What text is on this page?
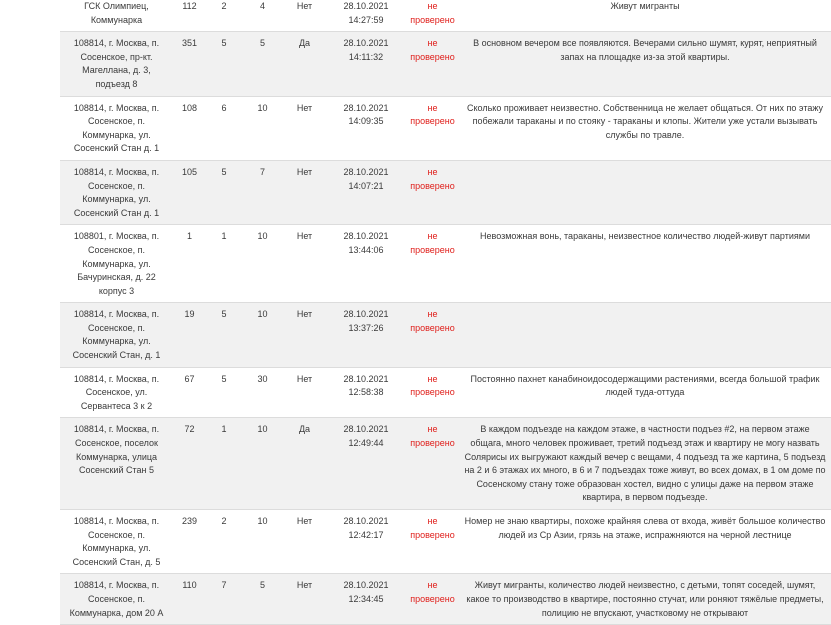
ГСК Олимпиец, Коммунарка	112	2	4	Нет	28.10.2021
14:27:59	не проверено	Живут мигранты
108814, г. Москва, п. Сосенское, пр-кт. Магеллана, д. 3, подъезд 8	351	5	5	Да	28.10.2021
14:11:32	не проверено	В основном вечером все появляются. Вечерами сильно шумят, курят, неприятный запах на площадке из-за этой квартиры.
108814, г. Москва, п. Сосенское, п. Коммунарка, ул. Сосенский Стан д. 1	108	6	10	Нет	28.10.2021
14:09:35	не проверено	Сколько проживает неизвестно. Собственница не желает общаться. От них по этажу побежали тараканы и по стояку - тараканы и клопы. Жители уже устали вызывать службы по травле.
108814, г. Москва, п. Сосенское, п. Коммунарка, ул. Сосенский Стан д. 1	105	5	7	Нет	28.10.2021
14:07:21	не проверено	
108801, г. Москва, п. Сосенское, п. Коммунарка, ул. Бачуринская, д. 22 корпус 3	1	1	10	Нет	28.10.2021
13:44:06	не проверено	Невозможная вонь, тараканы, неизвестное количество людей-живут партиями
108814, г. Москва, п. Сосенское, п. Коммунарка, ул. Сосенский Стан, д. 1	19	5	10	Нет	28.10.2021
13:37:26	не проверено	
108814, г. Москва, п. Сосенское, ул. Сервантеса 3 к 2	67	5	30	Нет	28.10.2021
12:58:38	не проверено	Постоянно пахнет канабиноидосодержащими растениями, всегда большой трафик людей туда-оттуда
108814, г. Москва, п. Сосенское, поселок Коммунарка, улица Сосенский Стан 5	72	1	10	Да	28.10.2021
12:49:44	не проверено	В каждом подъезде на каждом этаже, в частности подъез #2, на первом этаже общага, много человек проживает, третий подъезд этаж и квартиру не могу назвать Солярисы их выгружают каждый вечер с вещами, 4 подъезд та же картина, 5 подъезд на 2 и 6 этажах их много, в 6 и 7 подъездах тоже живут, во всех домах, в 1 ом доме по Сосенскому стану тоже образован хостел, видно с улицы даже на первом этаже квартира, в первом подъезде.
108814, г. Москва, п. Сосенское, п. Коммунарка, ул. Сосенский Стан, д. 5	239	2	10	Нет	28.10.2021
12:42:17	не проверено	Номер не знаю квартиры, похоже крайняя слева от входа, живёт большое количество людей из Ср Азии, грязь на этаже, испражняются на черной лестнице
108814, г. Москва, п. Сосенское, п. Коммунарка, дом 20 А	110	7	5	Нет	28.10.2021
12:34:45	не проверено	Живут мигранты, количество людей неизвестно, с детьми, топят соседей, шумят, какое то производство в квартире, постоянно стучат, или роняют тяжёлые предметы, полицию не впускают, участковому не открывают
